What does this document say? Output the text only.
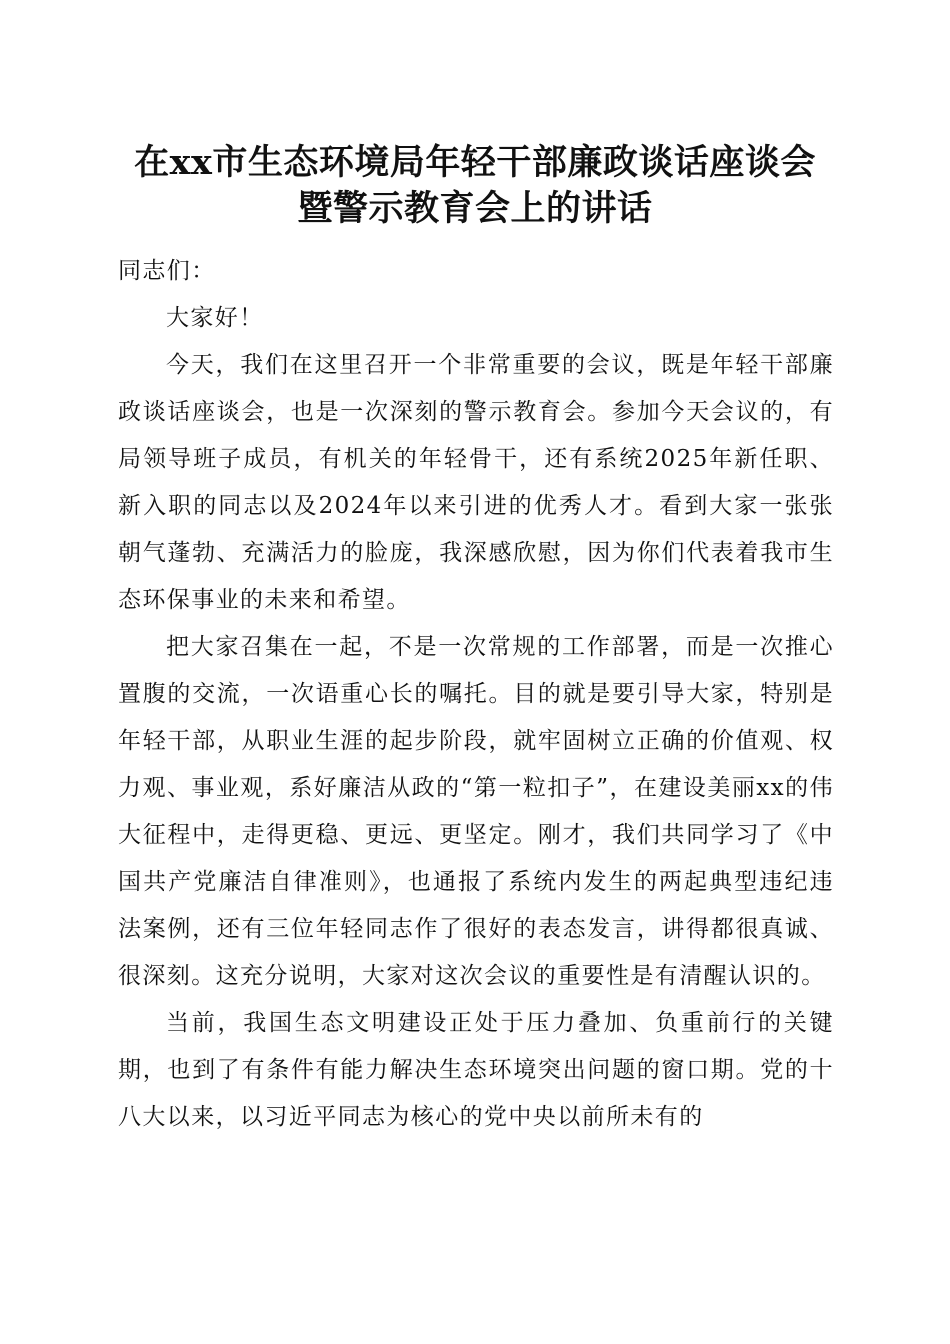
在xx市生态环境局年轻干部廉政谈话座谈会
暨警示教育会上的讲话

同志们：

大家好！

今天，我们在这里召开一个非常重要的会议，既是年轻干部廉政谈话座谈会，也是一次深刻的警示教育会。参加今天会议的，有局领导班子成员，有机关的年轻骨干，还有系统2025年新任职、新入职的同志以及2024年以来引进的优秀人才。看到大家一张张朝气蓬勃、充满活力的脸庞，我深感欣慰，因为你们代表着我市生态环保事业的未来和希望。

把大家召集在一起，不是一次常规的工作部署，而是一次推心置腹的交流，一次语重心长的嘱托。目的就是要引导大家，特别是年轻干部，从职业生涯的起步阶段，就牢固树立正确的价值观、权力观、事业观，系好廉洁从政的“第一粒扣子”，在建设美丽xx的伟大征程中，走得更稳、更远、更坚定。刚才，我们共同学习了《中国共产党廉洁自律准则》，也通报了系统内发生的两起典型违纪违法案例，还有三位年轻同志作了很好的表态发言，讲得都很真诚、很深刻。这充分说明，大家对这次会议的重要性是有清醒认识的。

当前，我国生态文明建设正处于压力叠加、负重前行的关键期，也到了有条件有能力解决生态环境突出问题的窗口期。党的十八大以来，以习近平同志为核心的党中央以前所未有的
